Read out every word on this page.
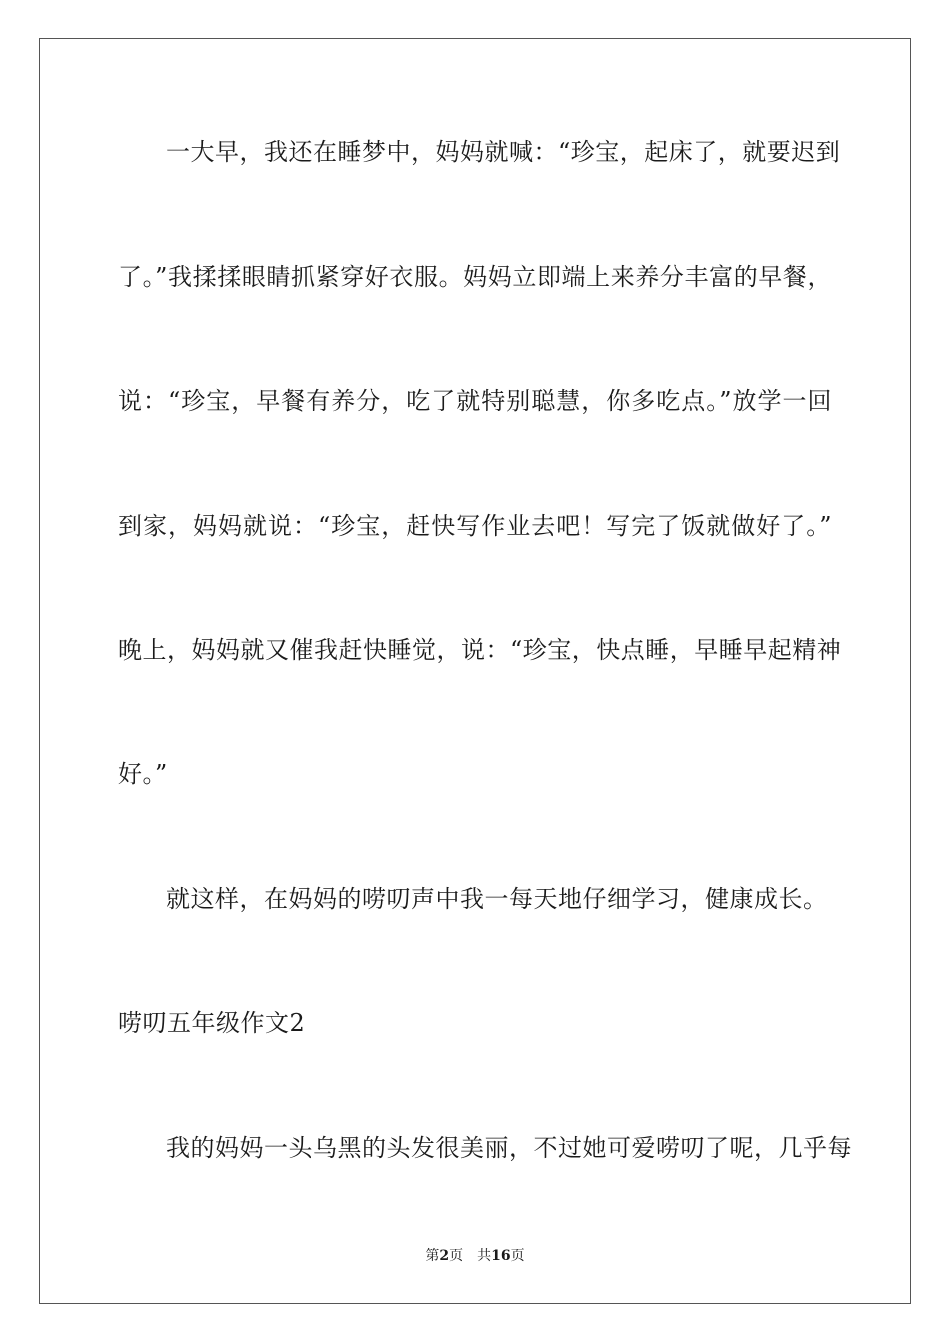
一大早，我还在睡梦中，妈妈就喊：“珍宝，起床了，就要迟到
了。”我揉揉眼睛抓紧穿好衣服。妈妈立即端上来养分丰富的早餐，
说：“珍宝，早餐有养分，吃了就特别聪慧，你多吃点。”放学一回
到家，妈妈就说：“珍宝，赶快写作业去吧！写完了饭就做好了。”
晚上，妈妈就又催我赶快睡觉，说：“珍宝，快点睡，早睡早起精神
好。”
就这样，在妈妈的唠叨声中我一每天地仔细学习，健康成长。
唠叨五年级作文2
我的妈妈一头乌黑的头发很美丽，不过她可爱唠叨了呢，几乎每
第2页 共16页
